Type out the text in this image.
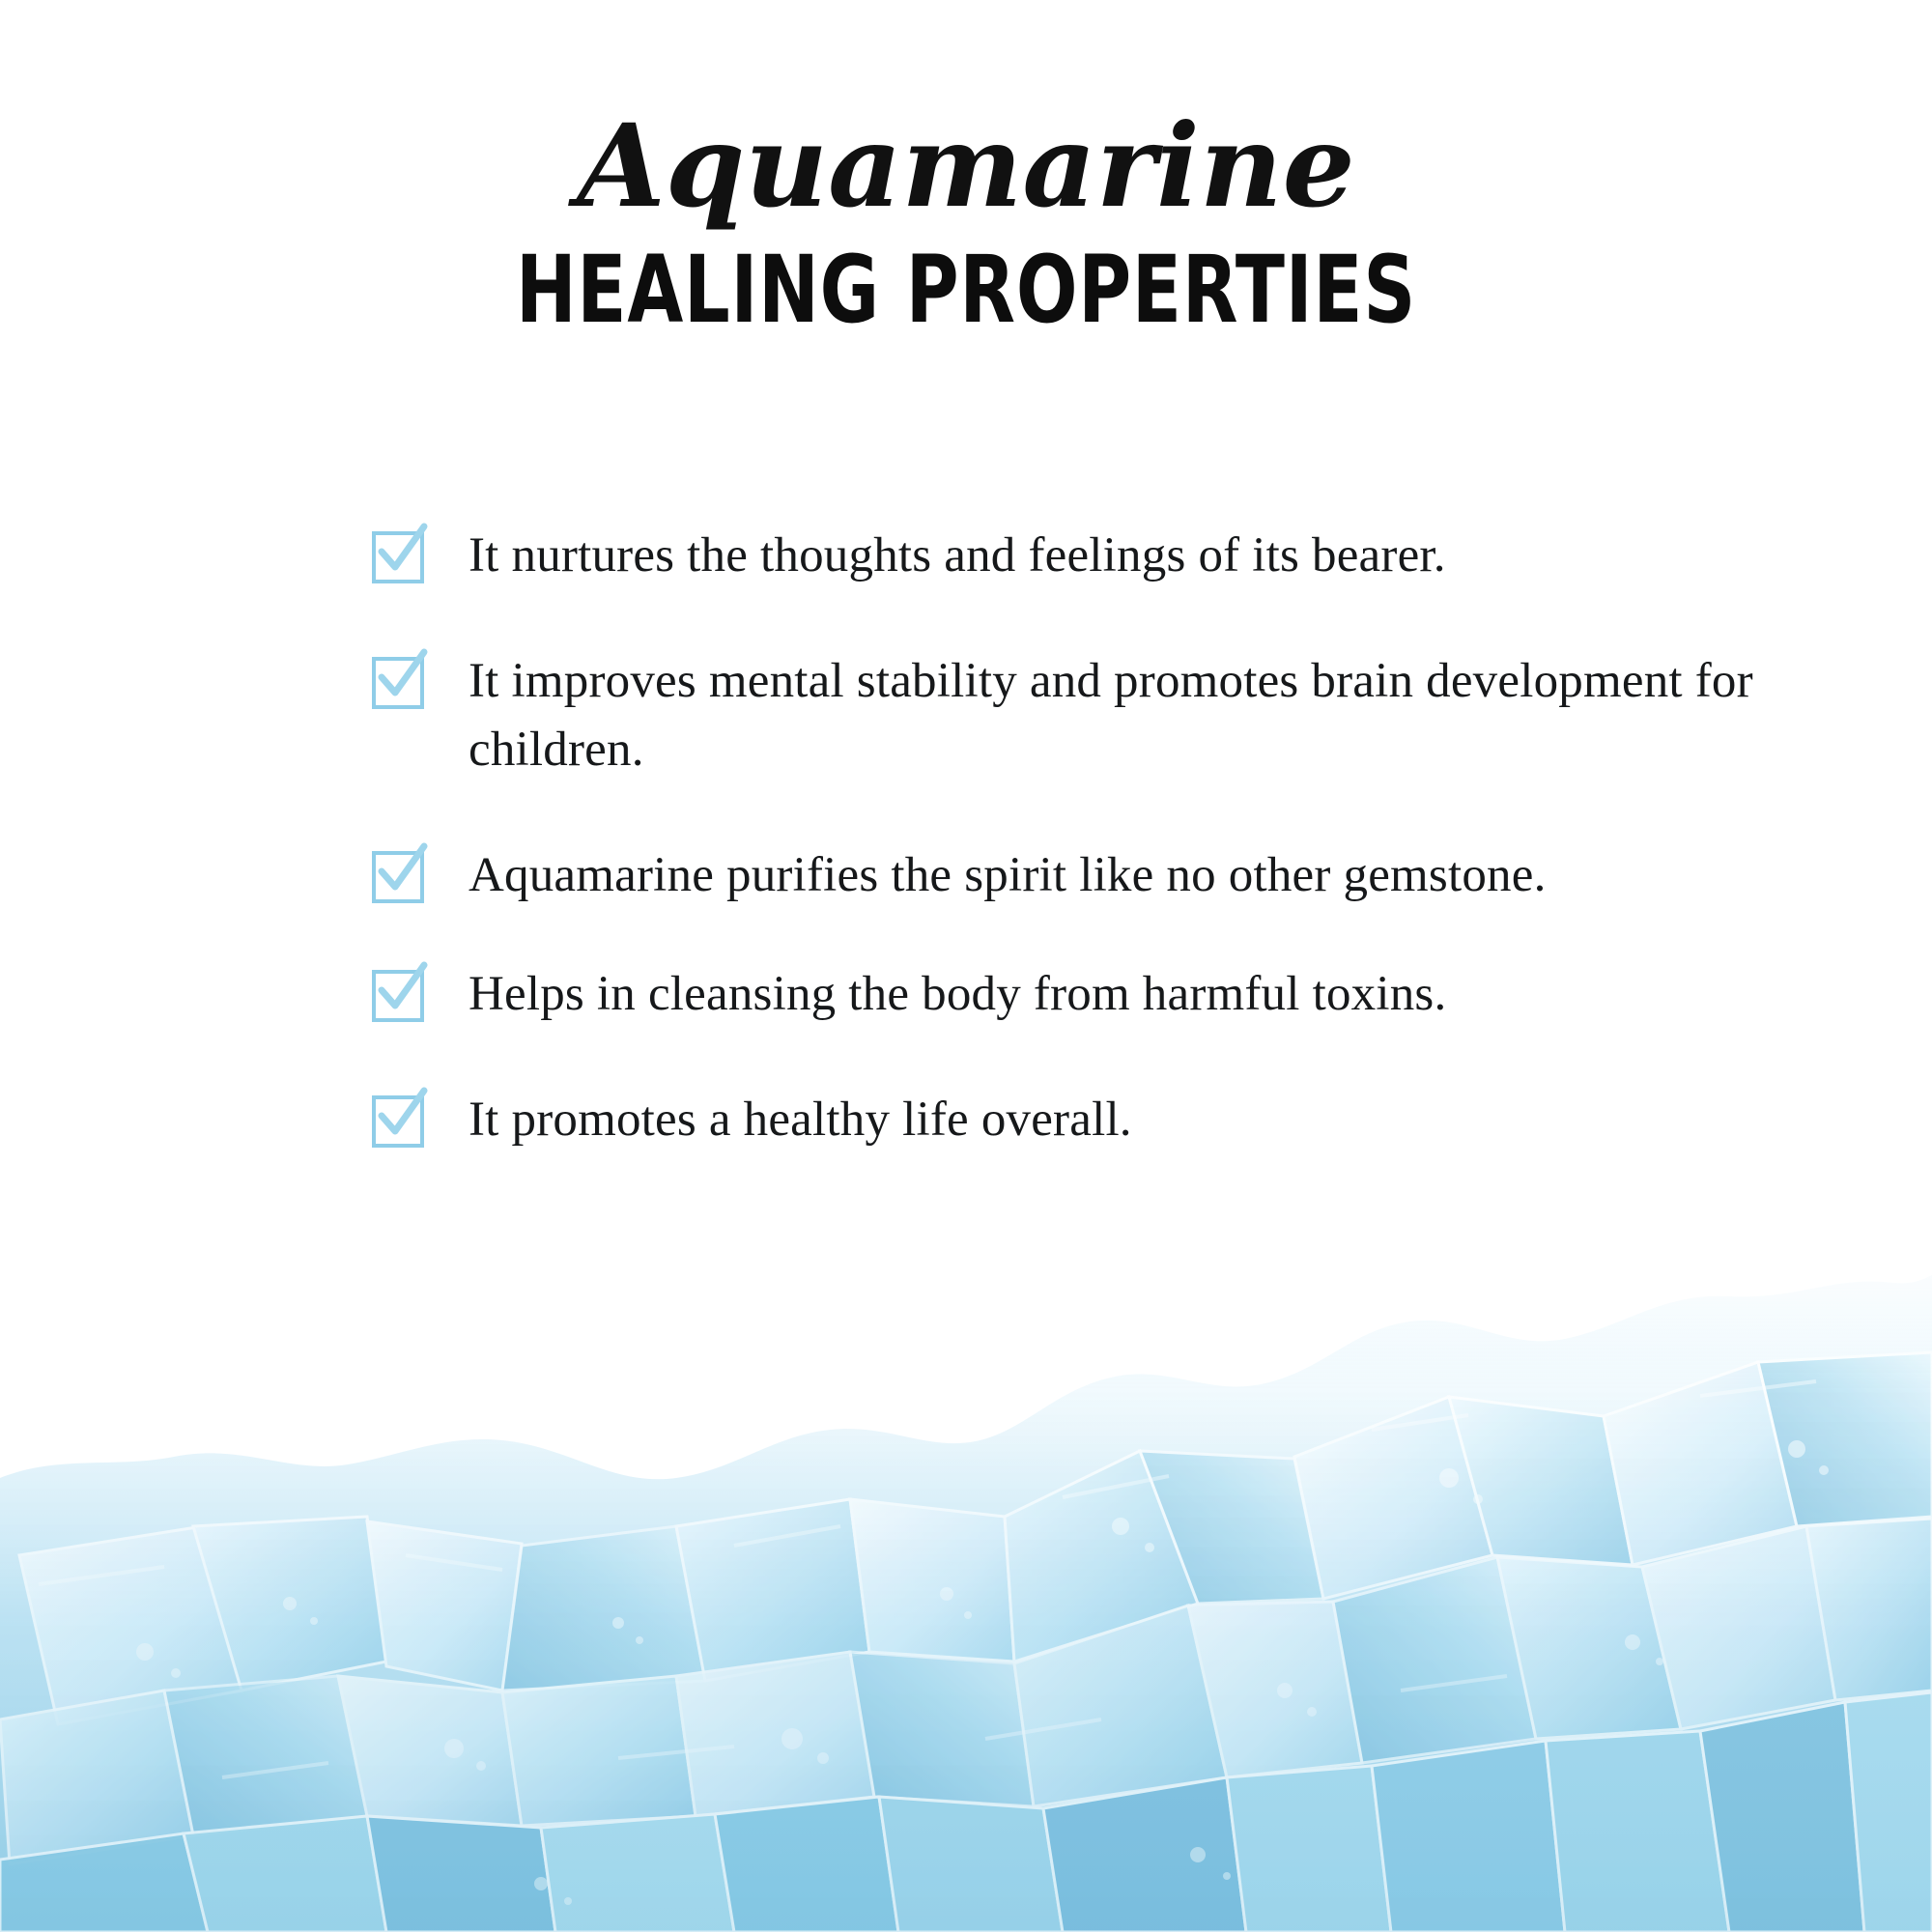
Aquamarine
HEALING PROPERTIES
It nurtures the thoughts and feelings of its bearer.
It improves mental stability and promotes brain development for children.
Aquamarine purifies the spirit like no other gemstone.
Helps in cleansing the body from harmful toxins.
It promotes a healthy life overall.
